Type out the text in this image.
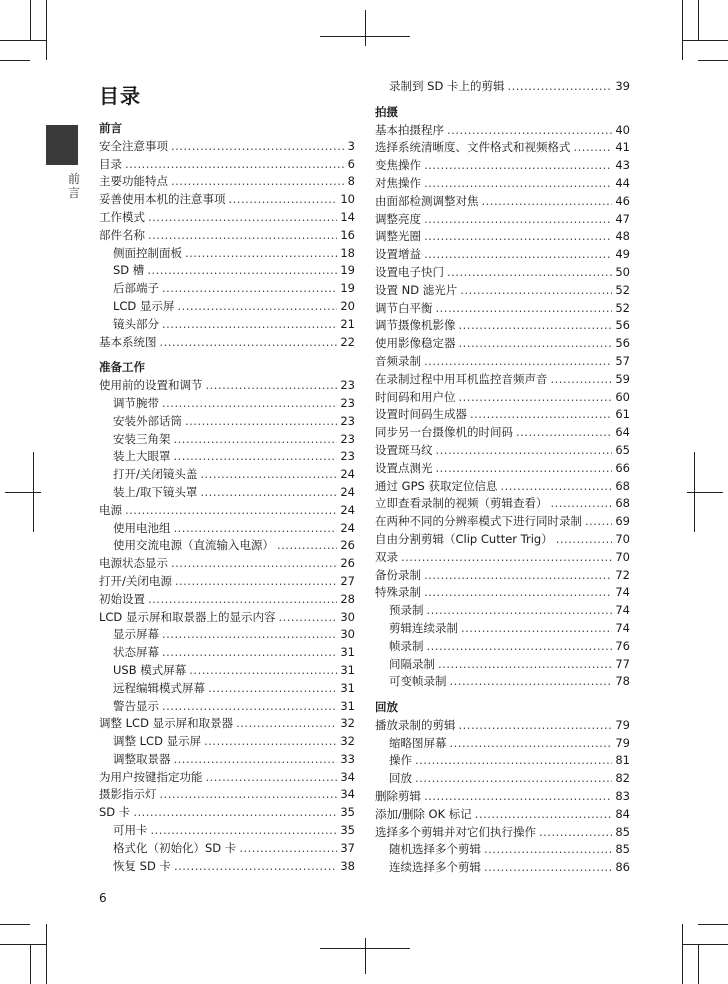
前言
目录
前言
安全注意事项 .....	3
目录 .....	6
主要功能特点 .....	8
妥善使用本机的注意事项 .....	10
工作模式 .....	14
部件名称 .....	16
侧面控制面板 .....	18
SD 槽 .....	19
后部端子 .....	19
LCD 显示屏 .....	20
镜头部分 .....	21
基本系统图 .....	22
准备工作
使用前的设置和调节 .....	23
调节腕带 .....	23
安装外部话筒 .....	23
安装三角架 .....	23
装上大眼罩 .....	23
打开/关闭镜头盖 .....	24
装上/取下镜头罩 .....	24
电源 .....	24
使用电池组 .....	24
使用交流电源（直流输入电源） .....	26
电源状态显示 .....	26
打开/关闭电源 .....	27
初始设置 .....	28
LCD 显示屏和取景器上的显示内容 .....	30
显示屏幕 .....	30
状态屏幕 .....	31
USB 模式屏幕 .....	31
远程编辑模式屏幕 .....	31
警告显示 .....	31
调整 LCD 显示屏和取景器 .....	32
调整 LCD 显示屏 .....	32
调整取景器 .....	33
为用户按键指定功能 .....	34
摄影指示灯 .....	34
SD 卡 .....	35
可用卡 .....	35
格式化（初始化）SD 卡 .....	37
恢复 SD 卡 .....	38
录制到 SD 卡上的剪辑 .....	39
拍摄
基本拍摄程序 .....	40
选择系统清晰度、文件格式和视频格式 .....	41
变焦操作 .....	43
对焦操作 .....	44
由面部检测调整对焦 .....	46
调整亮度 .....	47
调整光圈 .....	48
设置增益 .....	49
设置电子快门 .....	50
设置 ND 滤光片 .....	52
调节白平衡 .....	52
调节摄像机影像 .....	56
使用影像稳定器 .....	56
音频录制 .....	57
在录制过程中用耳机监控音频声音 .....	59
时间码和用户位 .....	60
设置时间码生成器 .....	61
同步另一台摄像机的时间码 .....	64
设置斑马纹 .....	65
设置点测光 .....	66
通过 GPS 获取定位信息 .....	68
立即查看录制的视频（剪辑查看） .....	68
在两种不同的分辨率模式下进行同时录制 .....	69
自由分割剪辑（Clip Cutter Trig） .....	70
双录 .....	70
备份录制 .....	72
特殊录制 .....	74
预录制 .....	74
剪辑连续录制 .....	74
帧录制 .....	76
间隔录制 .....	77
可变帧录制 .....	78
回放
播放录制的剪辑 .....	79
缩略图屏幕 .....	79
操作 .....	81
回放 .....	82
删除剪辑 .....	83
添加/删除 OK 标记 .....	84
选择多个剪辑并对它们执行操作 .....	85
随机选择多个剪辑 .....	85
连续选择多个剪辑 .....	86
6
